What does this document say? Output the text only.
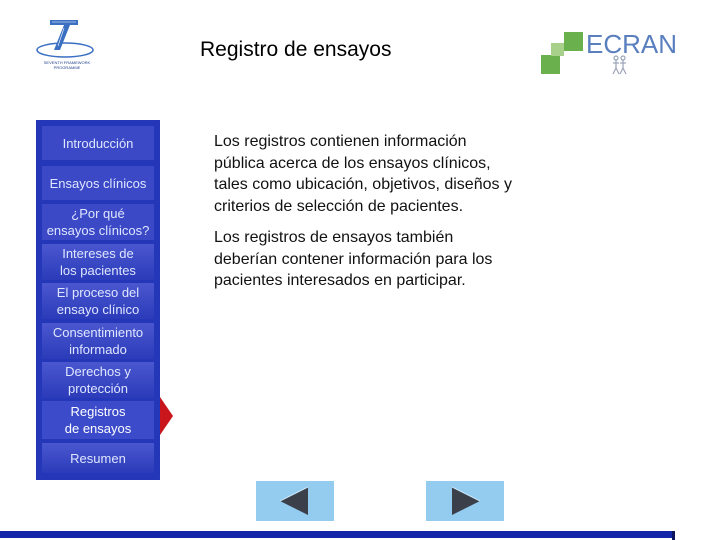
SEVENTH FRAMEWORK PROGRAMME
Registro de ensayos	ECRAN
Introducción
Ensayos clínicos
¿Por qué
ensayos clínicos?
Intereses de
los pacientes
El proceso del
ensayo clínico
Consentimiento
informado
Derechos y
protección
Registros
de ensayos
Resumen

Los registros contienen información pública acerca de los ensayos clínicos, tales como ubicación, objetivos, diseños y criterios de selección de pacientes.

Los registros de ensayos también deberían contener información para los pacientes interesados en participar.
